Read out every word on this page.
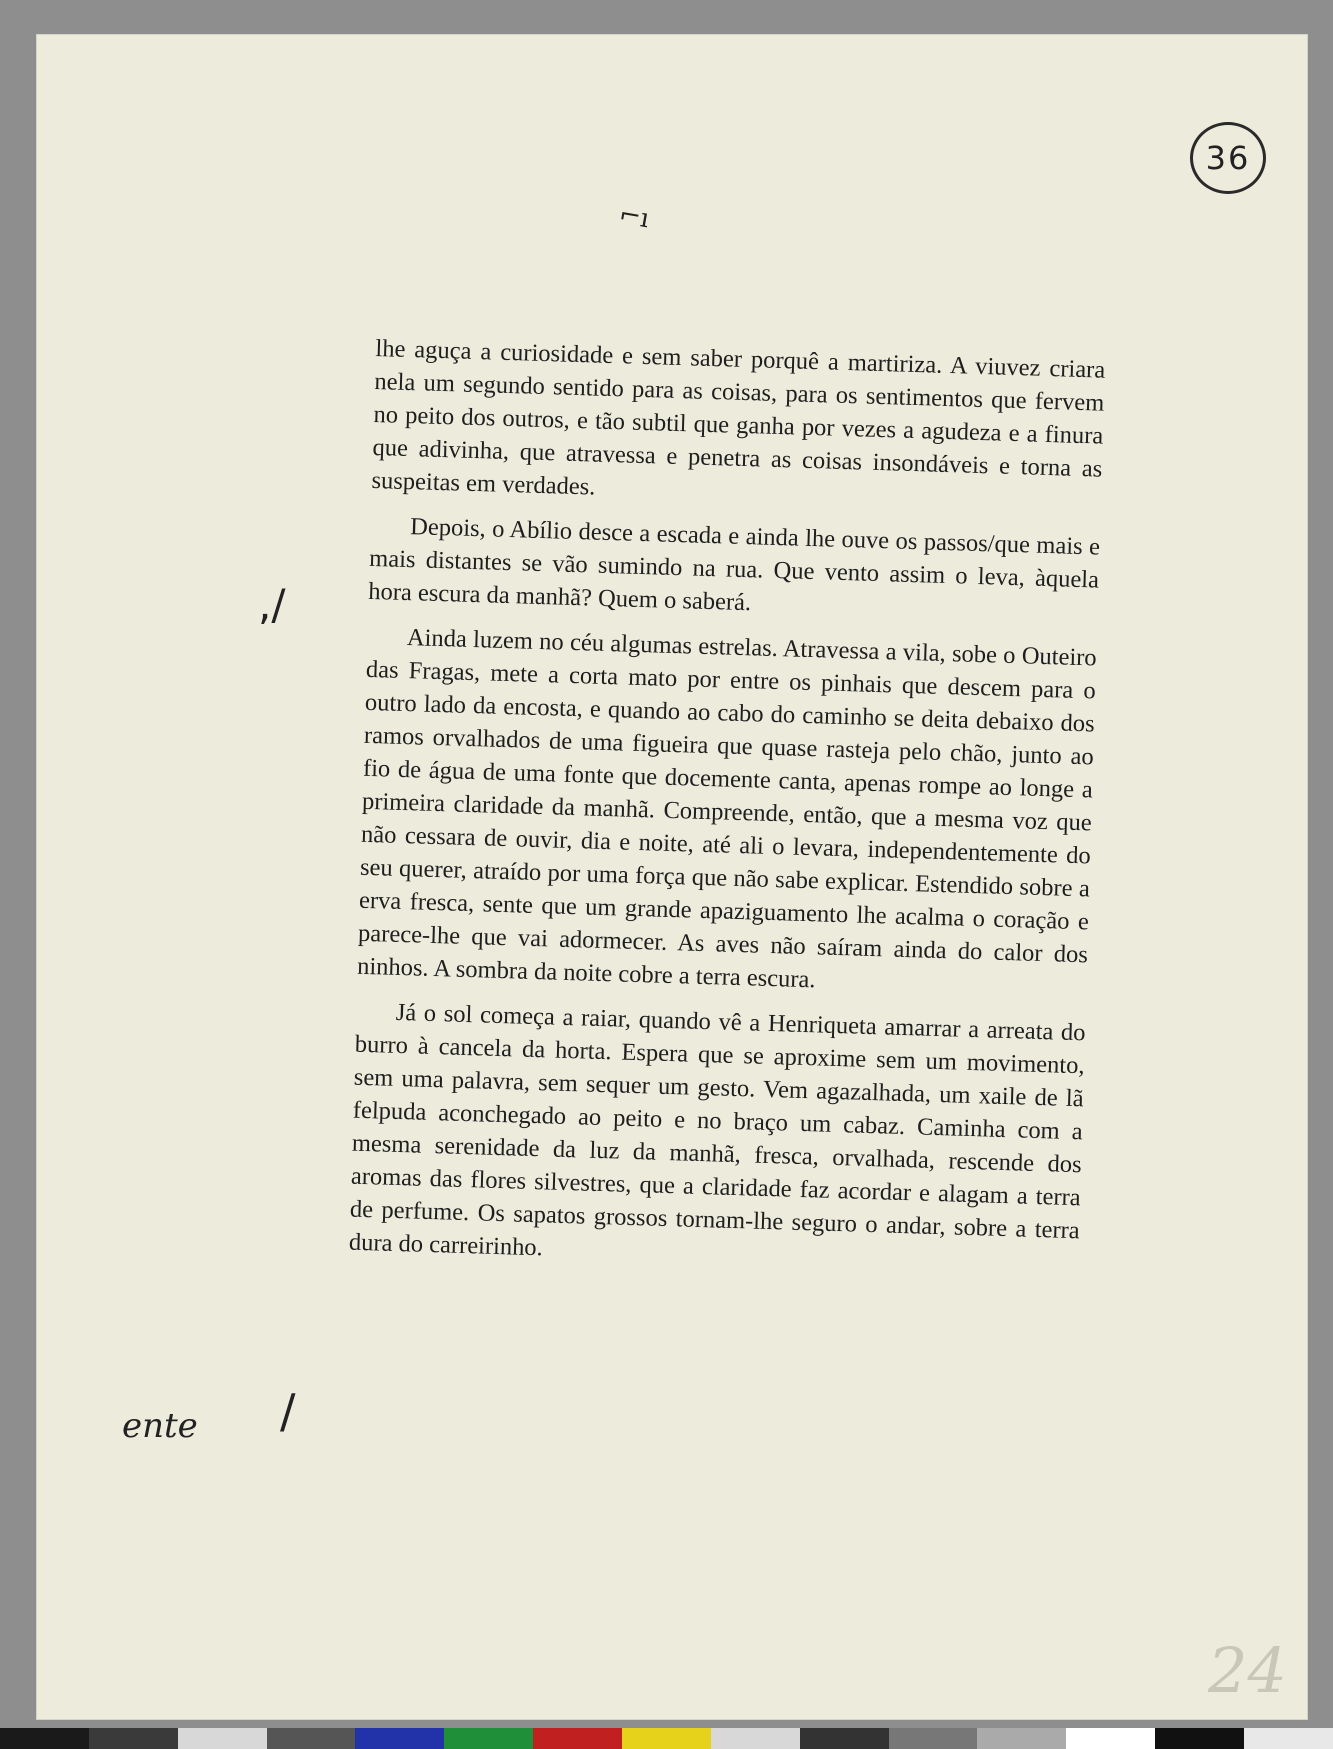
36
⌐ı

lhe aguça a curiosidade e sem saber porquê a martiriza. A viuvez criara nela um segundo sentido para as coisas, para os sentimentos que fervem no peito dos outros, e tão subtil que ganha por vezes a agudeza e a finura que adivinha, que atravessa e penetra as coisas insondáveis e torna as suspeitas em verdades.

Depois, o Abílio desce a escada e ainda lhe ouve os passos/que mais e mais distantes se vão sumindo na rua. Que vento assim o leva, àquela hora escura da manhã? Quem o saberá.

Ainda luzem no céu algumas estrelas. Atravessa a vila, sobe o Outeiro das Fragas, mete a corta mato por entre os pinhais que descem para o outro lado da encosta, e quando ao cabo do caminho se deita debaixo dos ramos orvalhados de uma figueira que quase rasteja pelo chão, junto ao fio de água de uma fonte que docemente canta, apenas rompe ao longe a primeira claridade da manhã. Compreende, então, que a mesma voz que não cessara de ouvir, dia e noite, até ali o levara, independentemente do seu querer, atraído por uma força que não sabe explicar. Estendido sobre a erva fresca, sente que um grande apaziguamento lhe acalma o coração e parece-lhe que vai adormecer. As aves não saíram ainda do calor dos ninhos. A sombra da noite cobre a terra escura.

Já o sol começa a raiar, quando vê a Henriqueta amarrar a arreata do burro à cancela da horta. Espera que se aproxime sem um movimento, sem uma palavra, sem sequer um gesto. Vem agazalhada, um xaile de lã felpuda aconchegado ao peito e no braço um cabaz. Caminha com a mesma serenidade da luz da manhã, fresca, orvalhada, rescende dos aromas das flores silvestres, que a claridade faz acordar e alagam a terra de perfume. Os sapatos grossos tornam-lhe seguro o andar, sobre a terra dura do carreirinho.

,/
ente /
24
